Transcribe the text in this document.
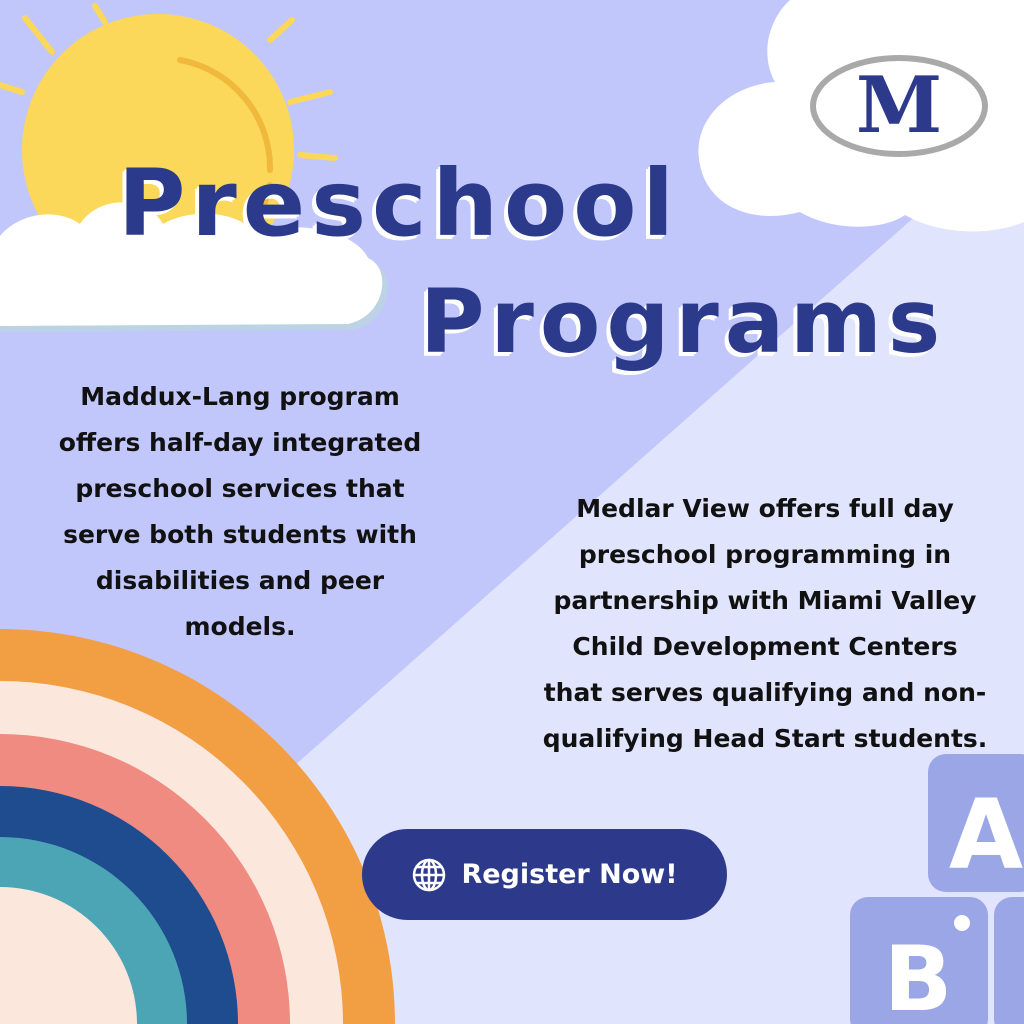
A
B
M
Preschool
Programs
Maddux-Lang program offers half-day integrated preschool services that serve both students with disabilities and peer models.
Medlar View offers full day preschool programming in partnership with Miami Valley Child Development Centers that serves qualifying and non-qualifying Head Start students.
Register Now!
